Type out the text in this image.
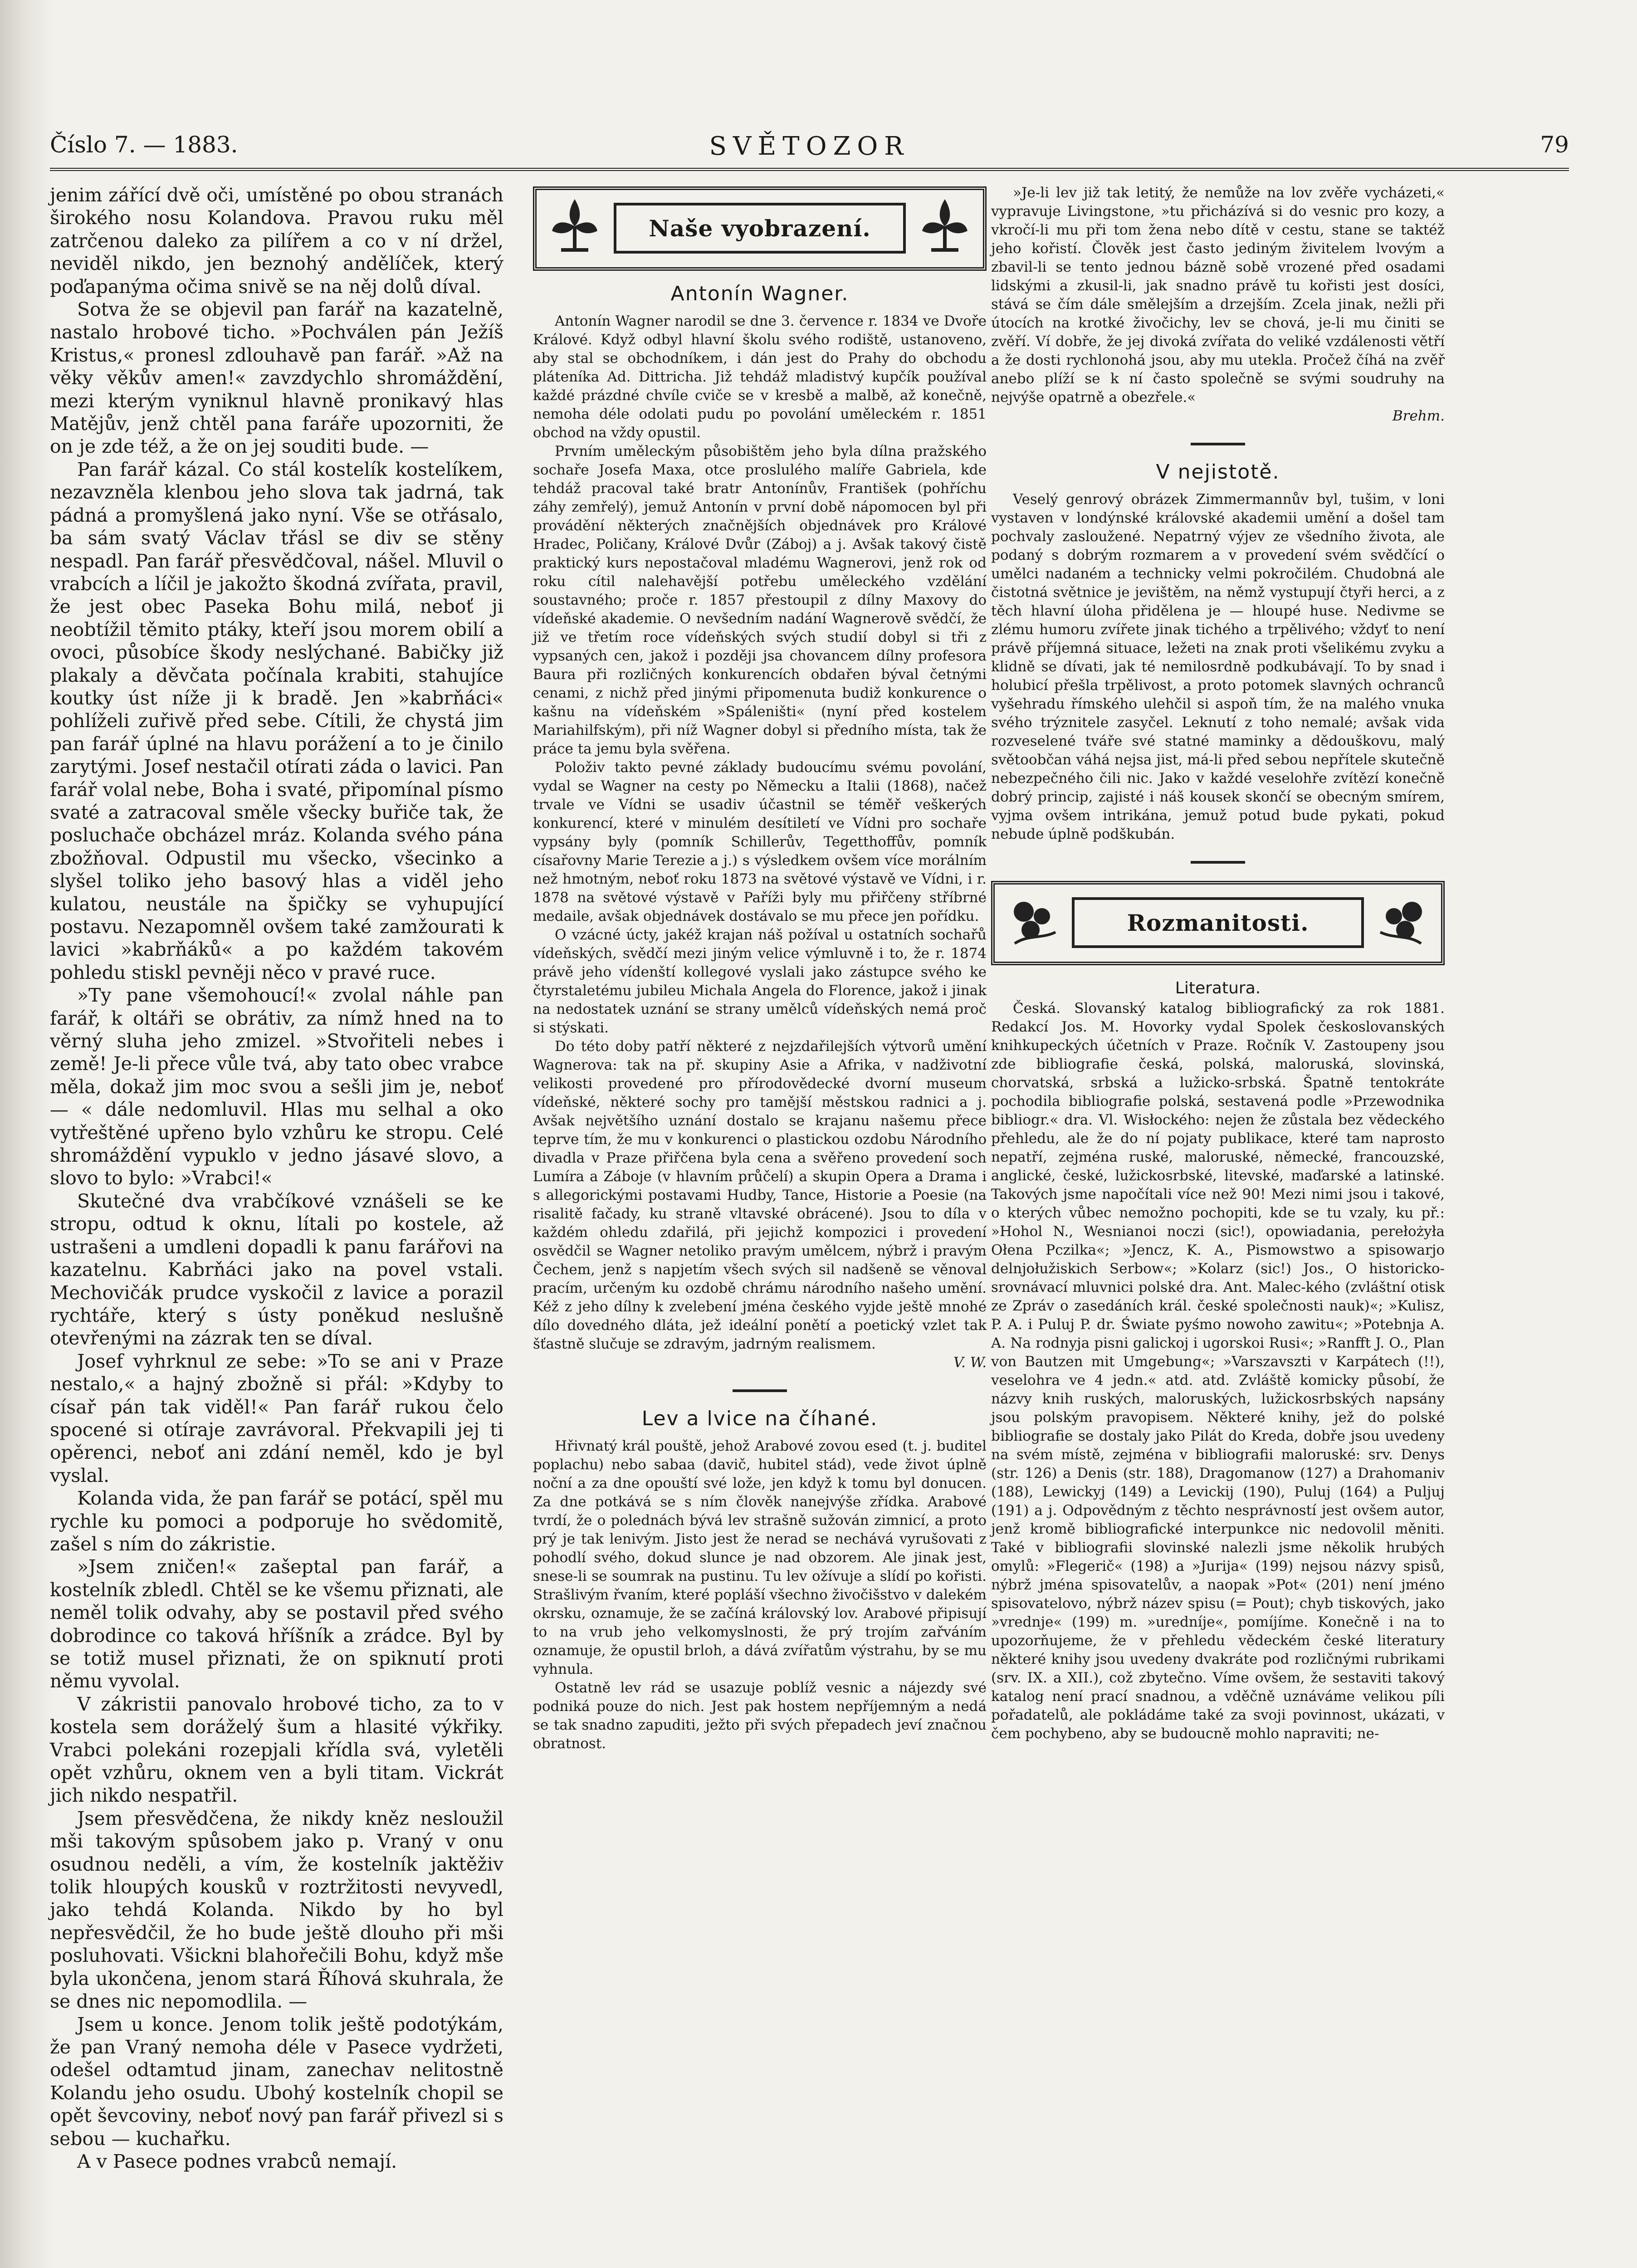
Číslo 7. — 1883.	SVĚTOZOR	79

jenim zářící dvě oči, umístěné po obou stranách širokého nosu Kolandova. Pravou ruku měl zatrčenou daleko za pilířem a co v ní držel, neviděl nikdo, jen beznohý andělíček, který poďapanýma očima snivě se na něj dolů díval.

Sotva že se objevil pan farář na kazatelně, nastalo hrobové ticho. »Pochválen pán Ježíš Kristus,« pronesl zdlouhavě pan farář. »Až na věky věkův amen!« zavzdychlo shromáždění, mezi kterým vyniknul hlavně pronikavý hlas Matějův, jenž chtěl pana faráře upozorniti, že on je zde též, a že on jej souditi bude. —

Pan farář kázal. Co stál kostelík kostelíkem, nezavzněla klenbou jeho slova tak jadrná, tak pádná a promyšlená jako nyní. Vše se otřásalo, ba sám svatý Václav třásl se div se stěny nespadl. Pan farář přesvědčoval, nášel. Mluvil o vrabcích a líčil je jakožto škodná zvířata, pravil, že jest obec Paseka Bohu milá, neboť ji neobtížil těmito ptáky, kteří jsou morem obilí a ovoci, působíce škody neslýchané. Babičky již plakaly a děvčata počínala krabiti, stahujíce koutky úst níže ji k bradě. Jen »kabrňáci« pohlíželi zuřivě před sebe. Cítili, že chystá jim pan farář úplné na hlavu porážení a to je činilo zarytými. Josef nestačil otírati záda o lavici. Pan farář volal nebe, Boha i svaté, připomínal písmo svaté a zatracoval směle všecky buřiče tak, že posluchače obcházel mráz. Kolanda svého pána zbožňoval. Odpustil mu všecko, všecinko a slyšel toliko jeho basový hlas a viděl jeho kulatou, neustále na špičky se vyhupující postavu. Nezapomněl ovšem také zamžourati k lavici »kabrňáků« a po každém takovém pohledu stiskl pevněji něco v pravé ruce.

»Ty pane všemohoucí!« zvolal náhle pan farář, k oltáři se obrátiv, za nímž hned na to věrný sluha jeho zmizel. »Stvořiteli nebes i země! Je-li přece vůle tvá, aby tato obec vrabce měla, dokaž jim moc svou a sešli jim je, neboť — « dále nedomluvil. Hlas mu selhal a oko vytřeštěné upřeno bylo vzhůru ke stropu. Celé shromáždění vypuklo v jedno jásavé slovo, a slovo to bylo: »Vrabci!«

Skutečné dva vrabčíkové vznášeli se ke stropu, odtud k oknu, lítali po kostele, až ustrašeni a umdleni dopadli k panu farářovi na kazatelnu. Kabrňáci jako na povel vstali. Mechovičák prudce vyskočil z lavice a porazil rychtáře, který s ústy poněkud neslušně otevřenými na zázrak ten se díval.

Josef vyhrknul ze sebe: »To se ani v Praze nestalo,« a hajný zbožně si přál: »Kdyby to císař pán tak viděl!« Pan farář rukou čelo spocené si otíraje zavrávoral. Překvapili jej ti opěrenci, neboť ani zdání neměl, kdo je byl vyslal.

Kolanda vida, že pan farář se potácí, spěl mu rychle ku pomoci a podporuje ho svědomitě, zašel s ním do zákristie.

»Jsem zničen!« zašeptal pan farář, a kostelník zbledl. Chtěl se ke všemu přiznati, ale neměl tolik odvahy, aby se postavil před svého dobrodince co taková hříšník a zrádce. Byl by se totiž musel přiznati, že on spiknutí proti němu vyvolal.

V zákristii panovalo hrobové ticho, za to v kostela sem doráželý šum a hlasité výkřiky. Vrabci polekáni rozepjali křídla svá, vyletěli opět vzhůru, oknem ven a byli titam. Vickrát jich nikdo nespatřil.

Jsem přesvědčena, že nikdy kněz nesloužil mši takovým spůsobem jako p. Vraný v onu osudnou neděli, a vím, že kostelník jaktěživ tolik hloupých kousků v roztržitosti nevyvedl, jako tehdá Kolanda. Nikdo by ho byl nepřesvědčil, že ho bude ještě dlouho při mši posluhovati. Všickni blahořečili Bohu, když mše byla ukončena, jenom stará Říhová skuhrala, že se dnes nic nepomodlila. —

Jsem u konce. Jenom tolik ještě podotýkám, že pan Vraný nemoha déle v Pasece vydržeti, odešel odtamtud jinam, zanechav nelitostně Kolandu jeho osudu. Ubohý kostelník chopil se opět ševcoviny, neboť nový pan farář přivezl si s sebou — kuchařku.

A v Pasece podnes vrabců nemají.

Naše vyobrazení.
Antonín Wagner.

Antonín Wagner narodil se dne 3. července r. 1834 ve Dvoře Králové. Když odbyl hlavní školu svého rodiště, ustanoveno, aby stal se obchodníkem, i dán jest do Prahy do obchodu pláteníka Ad. Dittricha. Již tehdáž mladistvý kupčík používal každé prázdné chvíle cviče se v kresbě a malbě, až konečně, nemoha déle odolati pudu po povolání uměleckém r. 1851 obchod na vždy opustil.

Prvním uměleckým působištěm jeho byla dílna pražského sochaře Josefa Maxa, otce proslulého malíře Gabriela, kde tehdáž pracoval také bratr Antonínův, František (pohříchu záhy zemřelý), jemuž Antonín v první době nápomocen byl při provádění některých značnějších objednávek pro Králové Hradec, Poličany, Králové Dvůr (Záboj) a j. Avšak takový čistě praktický kurs nepostačoval mladému Wagnerovi, jenž rok od roku cítil nalehavější potřebu uměleckého vzdělání soustavného; proče r. 1857 přestoupil z dílny Maxovy do vídeňské akademie. O nevšedním nadání Wagnerově svědčí, že již ve třetím roce vídeňských svých studií dobyl si tři z vypsaných cen, jakož i později jsa chovancem dílny profesora Baura při rozličných konkurencích obdařen býval četnými cenami, z nichž před jinými připomenuta budiž konkurence o kašnu na vídeňském »Spáleništi« (nyní před kostelem Mariahilfským), při níž Wagner dobyl si předního místa, tak že práce ta jemu byla svěřena.

Položiv takto pevné základy budoucímu svému povolání, vydal se Wagner na cesty po Německu a Italii (1868), načež trvale ve Vídni se usadiv účastnil se téměř veškerých konkurencí, které v minulém desítiletí ve Vídni pro sochaře vypsány byly (pomník Schillerův, Tegetthoffův, pomník císařovny Marie Terezie a j.) s výsledkem ovšem více morálním než hmotným, neboť roku 1873 na světové výstavě ve Vídni, i r. 1878 na světové výstavě v Paříži byly mu přiřčeny stříbrné medaile, avšak objednávek dostávalo se mu přece jen pořídku.

O vzácné úcty, jakéž krajan náš požíval u ostatních sochařů vídeňských, svědčí mezi jiným velice výmluvně i to, že r. 1874 právě jeho vídenští kollegové vyslali jako zástupce svého ke čtyrstaletému jubileu Michala Angela do Florence, jakož i jinak na nedostatek uznání se strany umělců vídeňských nemá proč si stýskati.

Do této doby patří některé z nejzdařilejších výtvorů umění Wagnerova: tak na př. skupiny Asie a Afrika, v nadživotní velikosti provedené pro přírodovědecké dvorní museum vídeňské, některé sochy pro tamější městskou radnici a j. Avšak největšího uznání dostalo se krajanu našemu přece teprve tím, že mu v konkurenci o plastickou ozdobu Národního divadla v Praze přiřčena byla cena a svěřeno provedení soch Lumíra a Záboje (v hlavním průčelí) a skupin Opera a Drama i s allegorickými postavami Hudby, Tance, Historie a Poesie (na risalitě fačady, ku straně vltavské obrácené). Jsou to díla v každém ohledu zdařilá, při jejichž kompozici i provedení osvědčil se Wagner netoliko pravým umělcem, nýbrž i pravým Čechem, jenž s napjetím všech svých sil nadšeně se věnoval pracím, určeným ku ozdobě chrámu národního našeho umění. Kéž z jeho dílny k zvelebení jména českého vyjde ještě mnohé dílo dovedného dláta, jež ideální ponětí a poetický vzlet tak šťastně slučuje se zdravým, jadrným realismem.

V. W.
Lev a lvice na číhané.

Hřivnatý král pouště, jehož Arabové zovou esed (t. j. buditel poplachu) nebo sabaa (davič, hubitel stád), vede život úplně noční a za dne opouští své lože, jen když k tomu byl donucen. Za dne potkává se s ním člověk nanejvýše zřídka. Arabové tvrdí, že o polednách bývá lev strašně sužován zimnicí, a proto prý je tak lenivým. Jisto jest že nerad se nechává vyrušovati z pohodlí svého, dokud slunce je nad obzorem. Ale jinak jest, snese-li se soumrak na pustinu. Tu lev ožívuje a slídí po kořisti. Strašlivým řvaním, které popláší všechno živočišstvo v dalekém okrsku, oznamuje, že se začíná královský lov. Arabové připisují to na vrub jeho velkomyslnosti, že prý trojím zařváním oznamuje, že opustil brloh, a dává zvířatům výstrahu, by se mu vyhnula.

Ostatně lev rád se usazuje poblíž vesnic a nájezdy své podniká pouze do nich. Jest pak hostem nepříjemným a nedá se tak snadno zapuditi, ježto při svých přepadech jeví značnou obratnost.

»Je-li lev již tak letitý, že nemůže na lov zvěře vycházeti,« vypravuje Livingstone, »tu přicházívá si do vesnic pro kozy, a vkročí-li mu při tom žena nebo dítě v cestu, stane se taktéž jeho kořistí. Člověk jest často jediným živitelem lvovým a zbavil-li se tento jednou bázně sobě vrozené před osadami lidskými a zkusil-li, jak snadno právě tu kořisti jest dosíci, stává se čím dále smělejším a drzejším. Zcela jinak, nežli při útocích na krotké živočichy, lev se chová, je-li mu činiti se zvěří. Ví dobře, že jej divoká zvířata do veliké vzdálenosti větří a že dosti rychlonohá jsou, aby mu utekla. Pročež číhá na zvěř anebo plíží se k ní často společně se svými soudruhy na nejvýše opatrně a obezřele.«

Brehm.
V nejistotě.

Veselý genrový obrázek Zimmermannův byl, tušim, v loni vystaven v londýnské královské akademii umění a došel tam pochvaly zasloužené. Nepatrný výjev ze všedního života, ale podaný s dobrým rozmarem a v provedení svém svědčící o umělci nadaném a technicky velmi pokročilém. Chudobná ale čistotná světnice je jevištěm, na němž vystupují čtyři herci, a z těch hlavní úloha přidělena je — hloupé huse. Nedivme se zlému humoru zvířete jinak tichého a trpělivého; vždyť to není právě příjemná situace, ležeti na znak proti všelikému zvyku a klidně se dívati, jak té nemilosrdně podkubávají. To by snad i holubicí přešla trpělivost, a proto potomek slavných ochranců vyšehradu římského ulehčil si aspoň tím, že na malého vnuka svého trýznitele zasyčel. Leknutí z toho nemalé; avšak vida rozveselené tváře své statné maminky a dědouškovu, malý světoobčan váhá nejsa jist, má-li před sebou nepřítele skutečně nebezpečného čili nic. Jako v každé veselohře zvítězí konečně dobrý princip, zajisté i náš kousek skončí se obecným smírem, vyjma ovšem intrikána, jemuž potud bude pykati, pokud nebude úplně podškubán.

Rozmanitosti.
Literatura.

Česká. Slovanský katalog bibliografický za rok 1881. Redakcí Jos. M. Hovorky vydal Spolek českoslovanských knihkupeckých účetních v Praze. Ročník V. Zastoupeny jsou zde bibliografie česká, polská, maloruská, slovinská, chorvatská, srbská a lužicko-srbská. Špatně tentokráte pochodila bibliografie polská, sestavená podle »Przewodnika bibliogr.« dra. Vl. Wisłockého: nejen že zůstala bez vědeckého přehledu, ale že do ní pojaty publikace, které tam naprosto nepatří, zejména ruské, maloruské, německé, francouzské, anglické, české, lužickosrbské, litevské, maďarské a latinské. Takových jsme napočítali více než 90! Mezi nimi jsou i takové, o kterých vůbec nemožno pochopiti, kde se tu vzaly, ku př.: »Hohol N., Wesnianoi noczi (sic!), opowiadania, perełożyła Ołena Pczilka«; »Jencz, K. A., Pismowstwo a spisowarjo delnjołužiskich Serbow«; »Kolarz (sic!) Jos., O historicko-srovnávací mluvnici polské dra. Ant. Malec-kého (zvláštní otisk ze Zpráv o zasedáních král. české společnosti nauk)«; »Kulisz, P. A. i Puluj P. dr. Świate pyśmo nowoho zawitu«; »Potebnja A. A. Na rodnyja pisni galickoj i ugorskoi Rusi«; »Ranfft J. O., Plan von Bautzen mit Umgebung«; »Varszavszti v Karpátech (!!), veselohra ve 4 jedn.« atd. atd. Zvláště komicky působí, že názvy knih ruských, maloruských, lužickosrbských napsány jsou polským pravopisem. Některé knihy, jež do polské bibliografie se dostaly jako Pilát do Kreda, dobře jsou uvedeny na svém místě, zejména v bibliografii maloruské: srv. Denys (str. 126) a Denis (str. 188), Dragomanow (127) a Drahomaniv (188), Lewickyj (149) a Levickij (190), Puluj (164) a Puljuj (191) a j. Odpovědným z těchto nesprávností jest ovšem autor, jenž kromě bibliografické interpunkce nic nedovolil měniti. Také v bibliografii slovinské nalezli jsme několik hrubých omylů: »Flegerič« (198) a »Jurija« (199) nejsou názvy spisů, nýbrž jména spisovatelův, a naopak »Pot« (201) není jméno spisovatelovo, nýbrž název spisu (= Pout); chyb tiskových, jako »vrednje« (199) m. »uredníje«, pomíjíme. Konečně i na to upozorňujeme, že v přehledu vědeckém české literatury některé knihy jsou uvedeny dvakráte pod rozličnými rubrikami (srv. IX. a XII.), což zbytečno. Víme ovšem, že sestaviti takový katalog není prací snadnou, a vděčně uznáváme velikou píli pořadatelů, ale pokládáme také za svoji povinnost, ukázati, v čem pochybeno, aby se budoucně mohlo napraviti; ne-
